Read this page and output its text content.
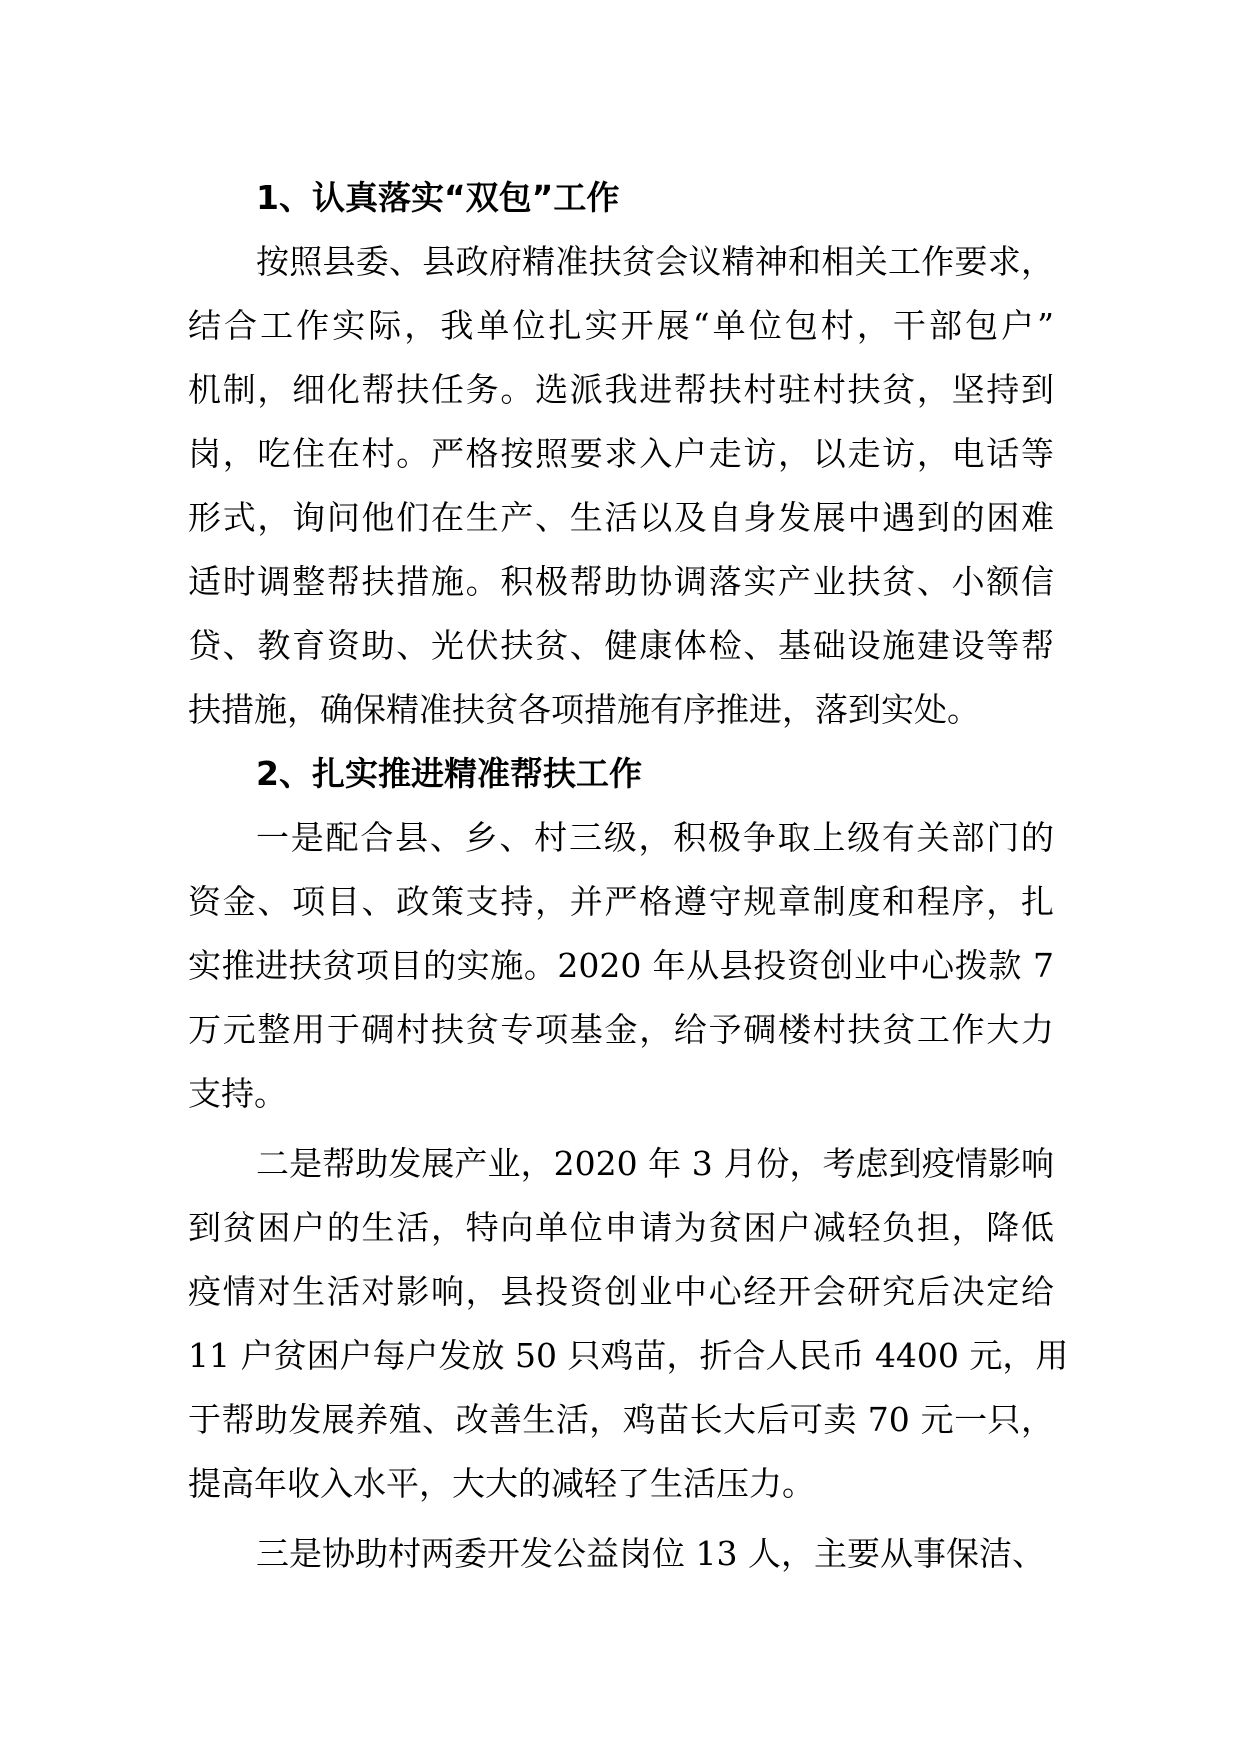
1、认真落实“双包”工作

按照县委、县政府精准扶贫会议精神和相关工作要求，
结合工作实际，我单位扎实开展“单位包村，干部包户”
机制，细化帮扶任务。选派我进帮扶村驻村扶贫，坚持到
岗，吃住在村。严格按照要求入户走访，以走访，电话等
形式，询问他们在生产、生活以及自身发展中遇到的困难
适时调整帮扶措施。积极帮助协调落实产业扶贫、小额信
贷、教育资助、光伏扶贫、健康体检、基础设施建设等帮
扶措施，确保精准扶贫各项措施有序推进，落到实处。

2、扎实推进精准帮扶工作

一是配合县、乡、村三级，积极争取上级有关部门的
资金、项目、政策支持，并严格遵守规章制度和程序，扎
实推进扶贫项目的实施。2020 年从县投资创业中心拨款 7
万元整用于碉村扶贫专项基金，给予碉楼村扶贫工作大力
支持。

二是帮助发展产业，2020 年 3 月份，考虑到疫情影响
到贫困户的生活，特向单位申请为贫困户减轻负担，降低
疫情对生活对影响，县投资创业中心经开会研究后决定给
11 户贫困户每户发放 50 只鸡苗，折合人民币 4400 元，用
于帮助发展养殖、改善生活，鸡苗长大后可卖 70 元一只，
提高年收入水平，大大的减轻了生活压力。

三是协助村两委开发公益岗位 13 人，主要从事保洁、
